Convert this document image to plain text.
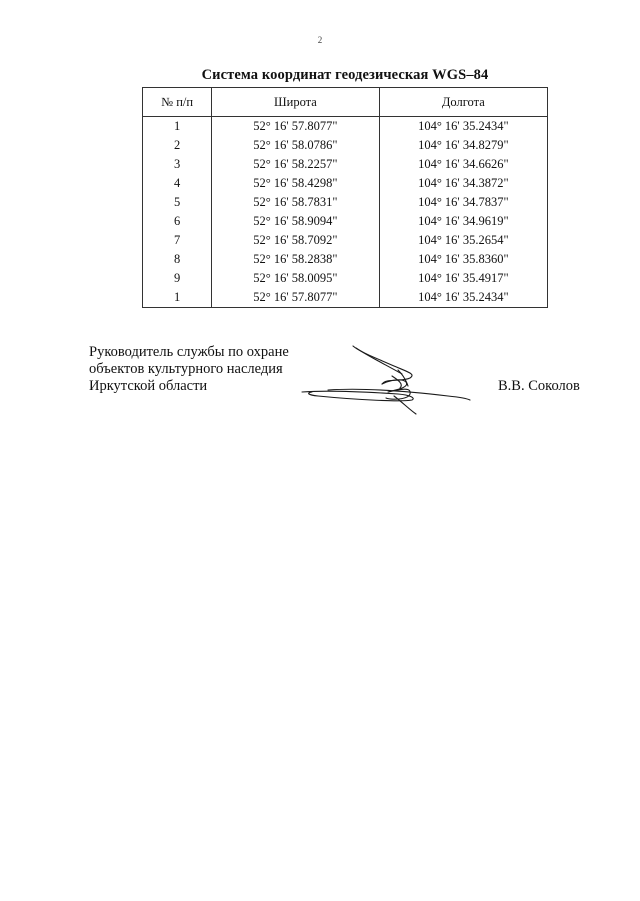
2
Система координат геодезическая WGS–84
№ п/п	Широта	Долгота
1	52° 16' 57.8077"	104° 16' 35.2434"
2	52° 16' 58.0786"	104° 16' 34.8279"
3	52° 16' 58.2257"	104° 16' 34.6626"
4	52° 16' 58.4298"	104° 16' 34.3872"
5	52° 16' 58.7831"	104° 16' 34.7837"
6	52° 16' 58.9094"	104° 16' 34.9619"
7	52° 16' 58.7092"	104° 16' 35.2654"
8	52° 16' 58.2838"	104° 16' 35.8360"
9	52° 16' 58.0095"	104° 16' 35.4917"
1	52° 16' 57.8077"	104° 16' 35.2434"
Руководитель службы по охране
объектов культурного наследия
Иркутской области	В.В. Соколов
